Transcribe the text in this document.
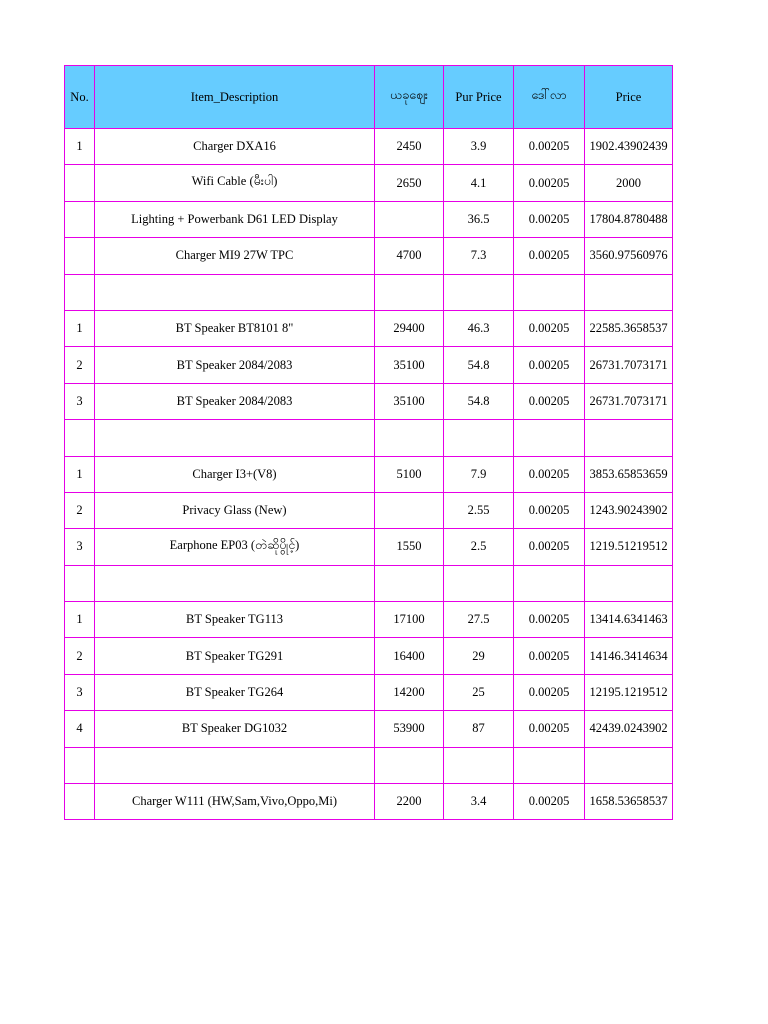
No.	Item_Description	ယခုဈေး	Pur Price	ဒေါ်လာ	Price
1	Charger DXA16	2450	3.9	0.00205	1902.43902439
	Wifi Cable (မီးပါ)	2650	4.1	0.00205	2000
	Lighting + Powerbank D61 LED Display		36.5	0.00205	17804.8780488
	Charger MI9 27W TPC	4700	7.3	0.00205	3560.97560976

1	BT Speaker BT8101 8"	29400	46.3	0.00205	22585.3658537
2	BT Speaker 2084/2083	35100	54.8	0.00205	26731.7073171
3	BT Speaker 2084/2083	35100	54.8	0.00205	26731.7073171

1	Charger I3+(V8)	5100	7.9	0.00205	3853.65853659
2	Privacy Glass (New)		2.55	0.00205	1243.90243902
3	Earphone EP03 (တဲဆိုပွိုင့်)	1550	2.5	0.00205	1219.51219512

1	BT Speaker TG113	17100	27.5	0.00205	13414.6341463
2	BT Speaker TG291	16400	29	0.00205	14146.3414634
3	BT Speaker TG264	14200	25	0.00205	12195.1219512
4	BT Speaker DG1032	53900	87	0.00205	42439.0243902

	Charger W111 (HW,Sam,Vivo,Oppo,Mi)	2200	3.4	0.00205	1658.53658537
